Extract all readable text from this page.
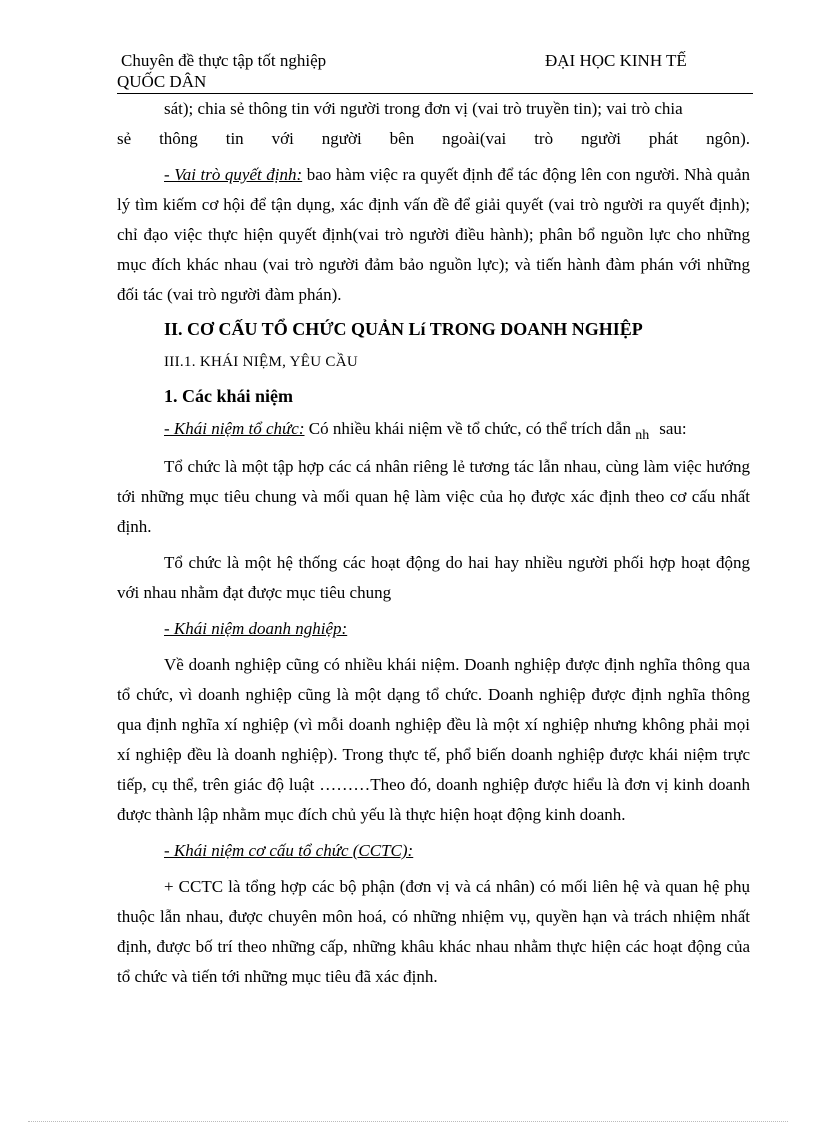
Chuyên đề thực tập tốt nghiệp	ĐẠI HỌC KINH TẾ
QUỐC DÂN

sát); chia sẻ thông tin với người trong đơn vị (vai trò truyền tin); vai trò chia

sẻ thông tin với người bên ngoài(vai trò người phát ngôn).

- Vai trò quyết định: bao hàm việc ra quyết định để tác động lên con người. Nhà quản lý tìm kiếm cơ hội để tận dụng, xác định vấn đề để giải quyết (vai trò người ra quyết định); chỉ đạo việc thực hiện quyết định(vai trò người điều hành); phân bổ nguồn lực cho những mục đích khác nhau (vai trò người đảm bảo nguồn lực); và tiến hành đàm phán với những đối tác (vai trò người đàm phán).

II. CƠ CẤU TỔ CHỨC QUẢN Lí TRONG DOANH NGHIỆP

III.1. KHÁI NIỆM, YÊU CẦU

1. Các khái niệm

- Khái niệm tổ chức: Có nhiều khái niệm về tổ chức, có thể trích dẫn $_{nh}$ sau:

Tổ chức là một tập hợp các cá nhân riêng lẻ tương tác lẫn nhau, cùng làm việc hướng tới những mục tiêu chung và mối quan hệ làm việc của họ được xác định theo cơ cấu nhất định.

Tổ chức là một hệ thống các hoạt động do hai hay nhiều người phối hợp hoạt động với nhau nhằm đạt được mục tiêu chung

- Khái niệm doanh nghiệp:

Về doanh nghiệp cũng có nhiều khái niệm. Doanh nghiệp được định nghĩa thông qua tổ chức, vì doanh nghiệp cũng là một dạng tổ chức. Doanh nghiệp được định nghĩa thông qua định nghĩa xí nghiệp (vì mỗi doanh nghiệp đều là một xí nghiệp nhưng không phải mọi xí nghiệp đều là doanh nghiệp). Trong thực tế, phổ biến doanh nghiệp được khái niệm trực tiếp, cụ thể, trên giác độ luật ………Theo đó, doanh nghiệp được hiểu là đơn vị kinh doanh được thành lập nhằm mục đích chủ yếu là thực hiện hoạt động kinh doanh.

- Khái niệm cơ cấu tổ chức (CCTC):

+ CCTC là tổng hợp các bộ phận (đơn vị và cá nhân) có mối liên hệ và quan hệ phụ thuộc lẫn nhau, được chuyên môn hoá, có những nhiệm vụ, quyền hạn và trách nhiệm nhất định, được bố trí theo những cấp, những khâu khác nhau nhằm thực hiện các hoạt động của tổ chức và tiến tới những mục tiêu đã xác định.
